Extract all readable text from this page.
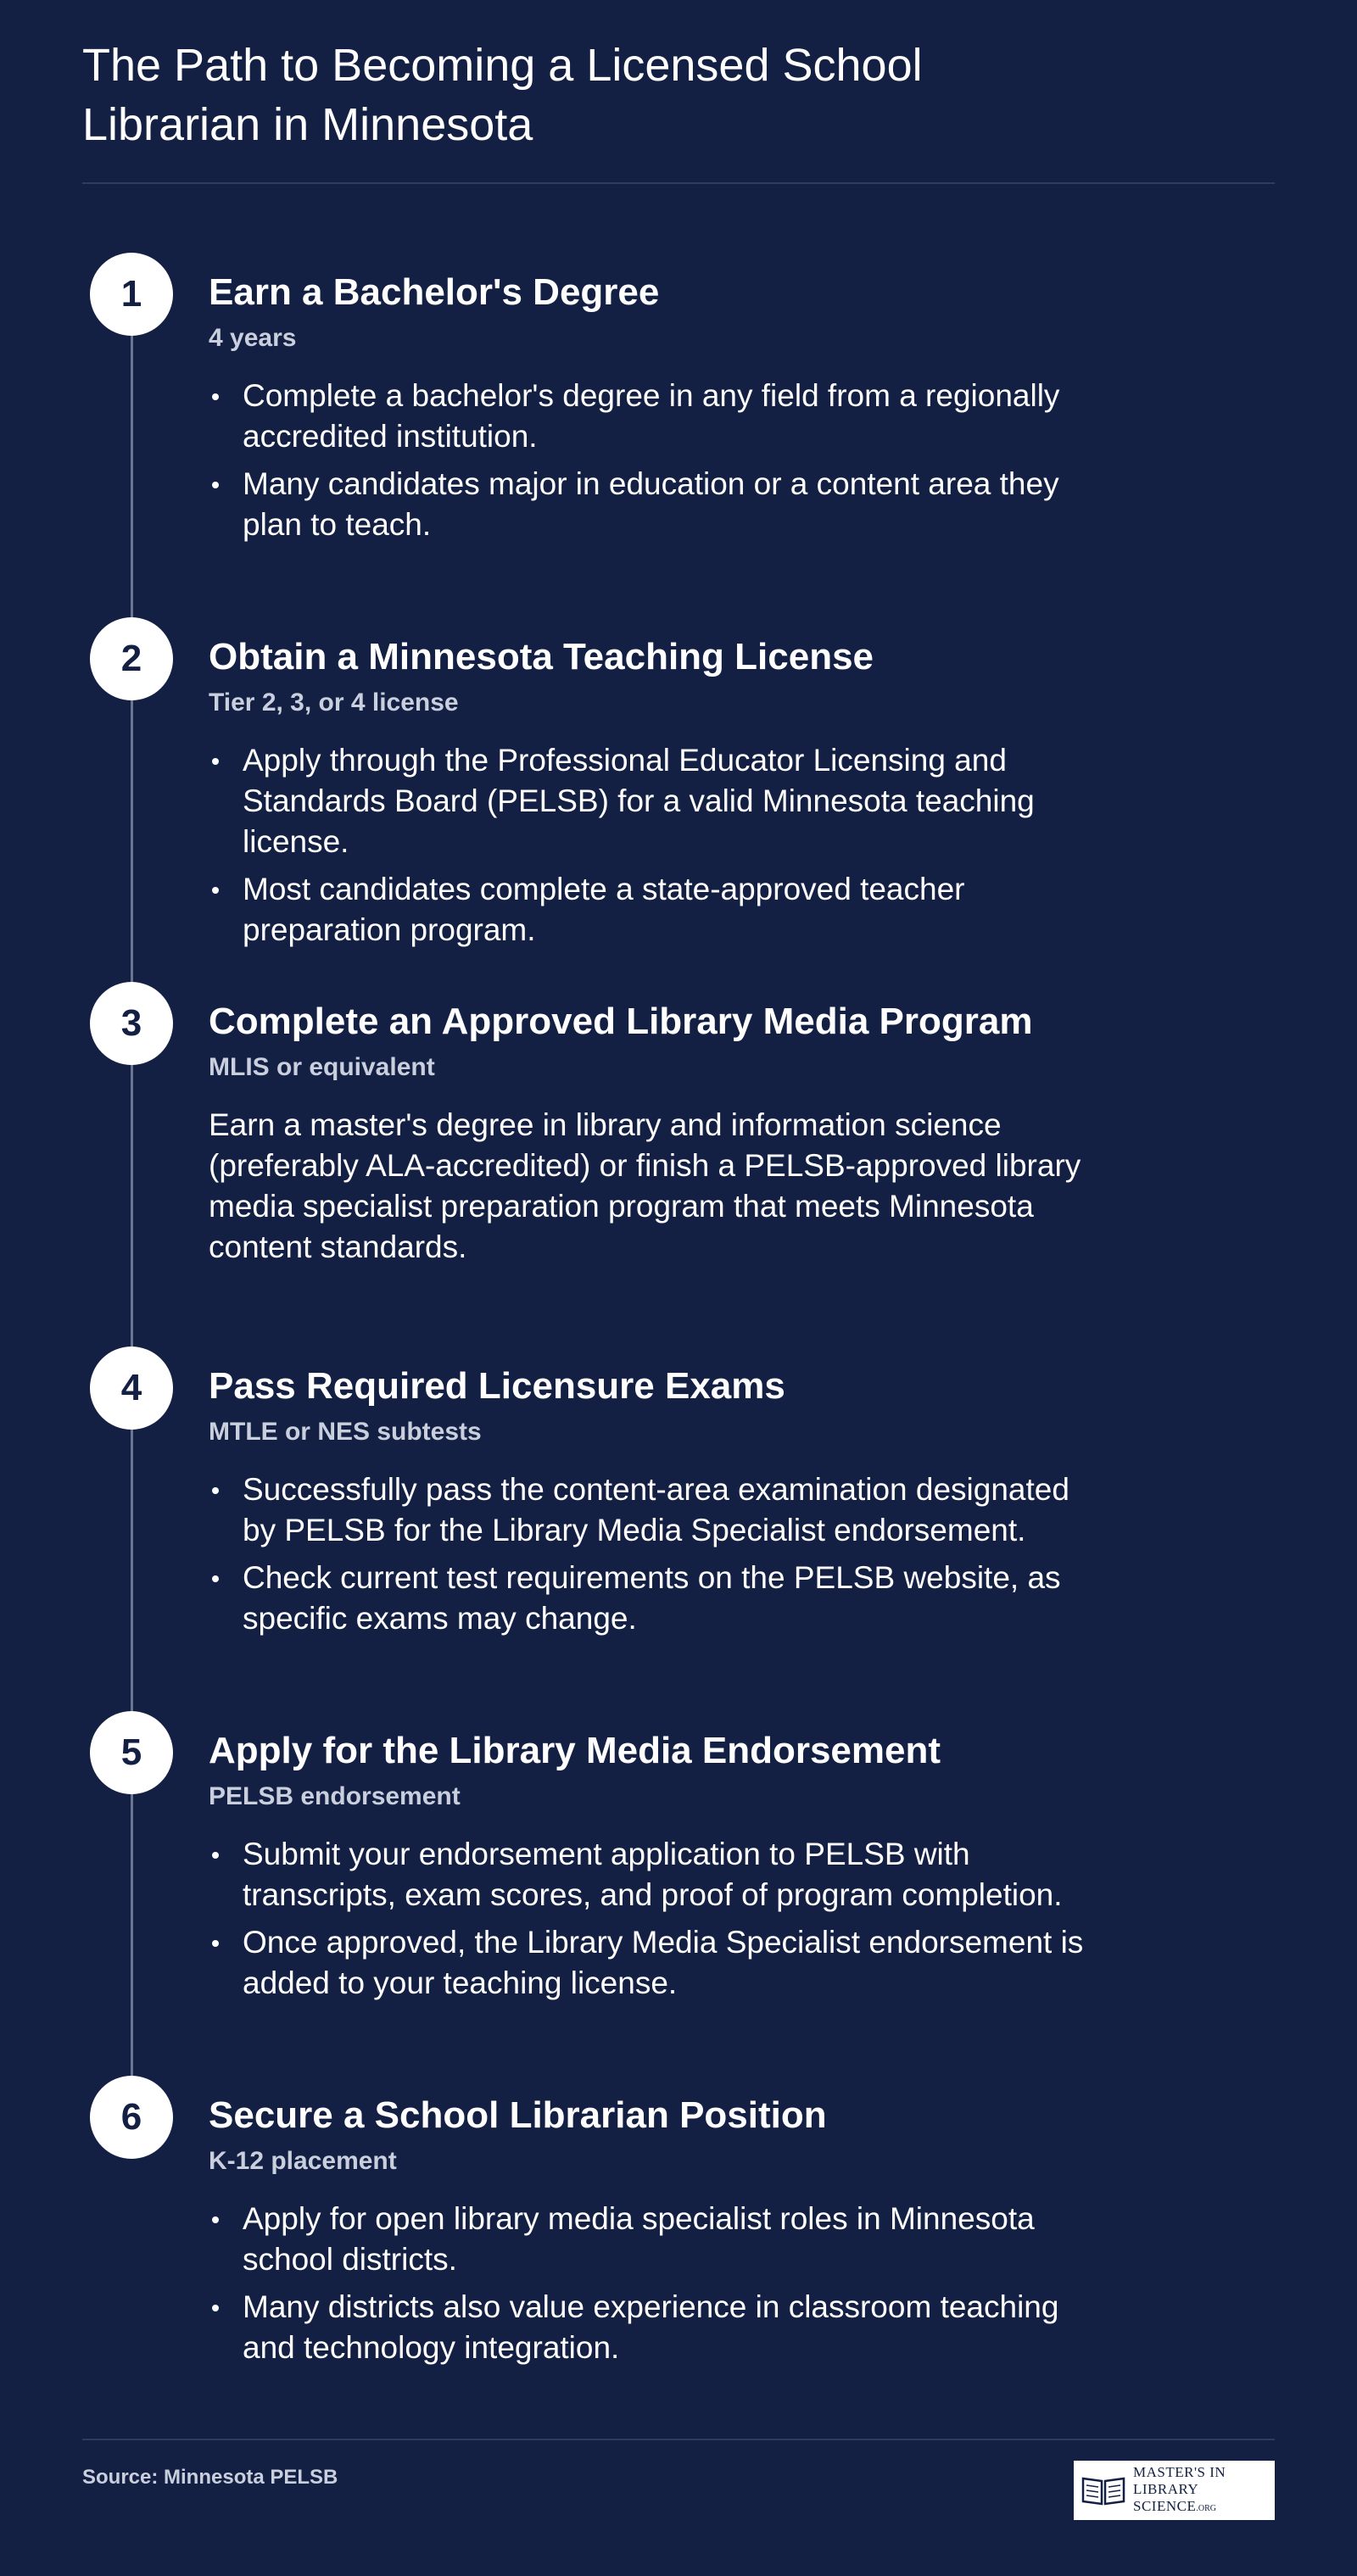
The Path to Becoming a Licensed School Librarian in Minnesota
1	Earn a Bachelor's Degree

4 years

Complete a bachelor's degree in any field from a regionally accredited institution.
Many candidates major in education or a content area they plan to teach.
2	Obtain a Minnesota Teaching License

Tier 2, 3, or 4 license

Apply through the Professional Educator Licensing and Standards Board (PELSB) for a valid Minnesota teaching license.
Most candidates complete a state-approved teacher preparation program.
3	Complete an Approved Library Media Program

MLIS or equivalent

Earn a master's degree in library and information science (preferably ALA-accredited) or finish a PELSB-approved library media specialist preparation program that meets Minnesota content standards.

4	Pass Required Licensure Exams

MTLE or NES subtests

Successfully pass the content-area examination designated by PELSB for the Library Media Specialist endorsement.
Check current test requirements on the PELSB website, as specific exams may change.
5	Apply for the Library Media Endorsement

PELSB endorsement

Submit your endorsement application to PELSB with transcripts, exam scores, and proof of program completion.
Once approved, the Library Media Specialist endorsement is added to your teaching license.
6	Secure a School Librarian Position

K-12 placement

Apply for open library media specialist roles in Minnesota school districts.
Many districts also value experience in classroom teaching and technology integration.
Source: Minnesota PELSB	MASTER'S IN
LIBRARY SCIENCE.ORG
